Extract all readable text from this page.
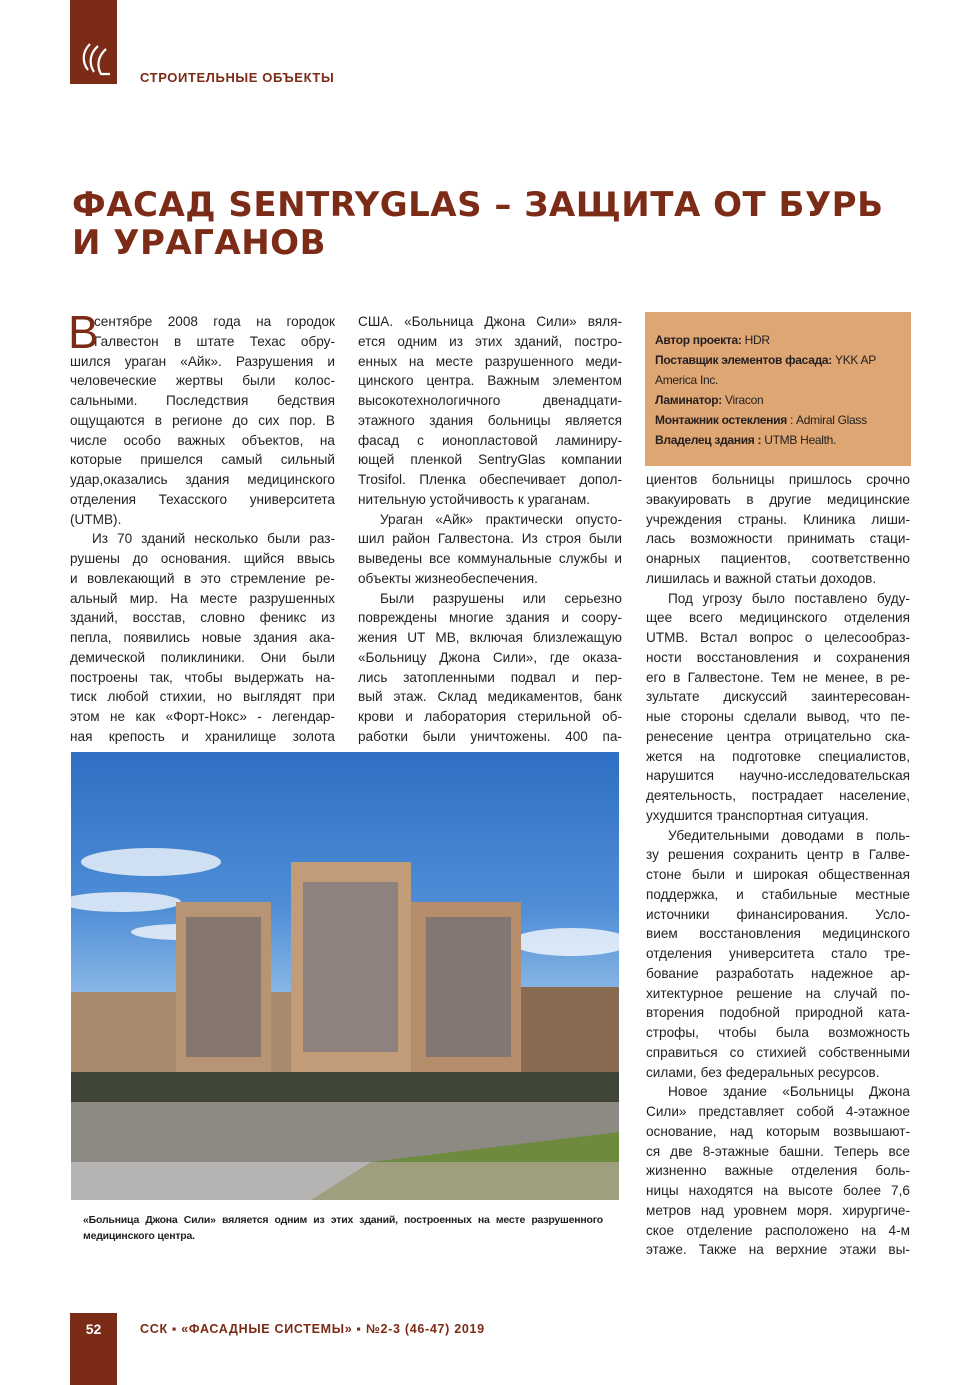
СТРОИТЕЛЬНЫЕ ОБЪЕКТЫ
ФАСАД SENTRYGLAS – ЗАЩИТА ОТ БУРЬ
И УРАГАНОВ
В
сентябре 2008 года на городок
Галвестон в штате Техас обру-
шился ураган «Айк». Разрушения и
человеческие жертвы были колос-
сальными. Последствия бедствия
ощущаются в регионе до сих пор. В
числе особо важных объектов, на
которые пришелся самый сильный
удар,оказались здания медицинского
отделения Техасского университета
(UTMB).
Из 70 зданий несколько были раз-
рушены до основания. щийся ввысь
и вовлекающий в это стремление ре-
альный мир. На месте разрушенных
зданий, восстав, словно феникс из
пепла, появились новые здания ака-
демической поликлиники. Они были
построены так, чтобы выдержать на-
тиск любой стихии, но выглядят при
этом не как «Форт-Нокс» - легендар-
ная крепость и хранилище золота
США. «Больница Джона Сили» вяля-
ется одним из этих зданий, постро-
енных на месте разрушенного меди-
цинского центра. Важным элементом
высокотехнологичного	двенадцати-
этажного здания больницы является
фасад с ионопластовой ламиниру-
ющей пленкой SentryGlas компании
Trosifol. Пленка обеспечивает допол-
нительную устойчивость к ураганам.
Ураган «Айк» практически опусто-
шил район Галвестона. Из строя были
выведены все коммунальные службы и
объекты жизнеобеспечения.
Были разрушены или серьезно
повреждены многие здания и соору-
жения UT MB, включая близлежащую
«Больницу Джона Сили», где оказа-
лись затопленными подвал и пер-
вый этаж. Склад медикаментов, банк
крови и лаборатория стерильной об-
работки были уничтожены. 400 па-
Автор проекта: HDR
Поставщик элементов фасада: YKK AP
America Inc.
Ламинатор: Viracon
Монтажник остекления : Admiral Glass
Владелец здания : UTMB Health.
циентов больницы пришлось срочно
эвакуировать в другие медицинские
учреждения страны. Клиника лиши-
лась возможности принимать стаци-
онарных пациентов, соответственно
лишилась и важной статьи доходов.
Под угрозу было поставлено буду-
щее всего медицинского отделения
UTMB. Встал вопрос о целесообраз-
ности восстановления и сохранения
его в Галвестоне. Тем не менее, в ре-
зультате дискуссий заинтересован-
ные стороны сделали вывод, что пе-
ренесение центра отрицательно ска-
жется на подготовке специалистов,
нарушится научно-исследовательская
деятельность, пострадает население,
ухудшится транспортная ситуация.
Убедительными доводами в поль-
зу решения сохранить центр в Галве-
стоне были и широкая общественная
поддержка, и стабильные местные
источники финансирования. Усло-
вием восстановления медицинского
отделения университета стало тре-
бование разработать надежное ар-
хитектурное решение на случай по-
вторения подобной природной ката-
строфы, чтобы была возможность
справиться со стихией собственными
силами, без федеральных ресурсов.
Новое здание «Больницы Джона
Сили» представляет собой 4-этажное
основание, над которым возвышают-
ся две 8-этажные башни. Теперь все
жизненно важные отделения боль-
ницы находятся на высоте более 7,6
метров над уровнем моря. хирургиче-
ское отделение расположено на 4-м
этаже. Также на верхние этажи вы-
«Больница Джона Сили» вяляется одним из этих зданий, построенных на месте разрушенного медицинского центра.
52	ССК ▪ «ФАСАДНЫЕ СИСТЕМЫ» ▪ №2-3 (46-47) 2019
